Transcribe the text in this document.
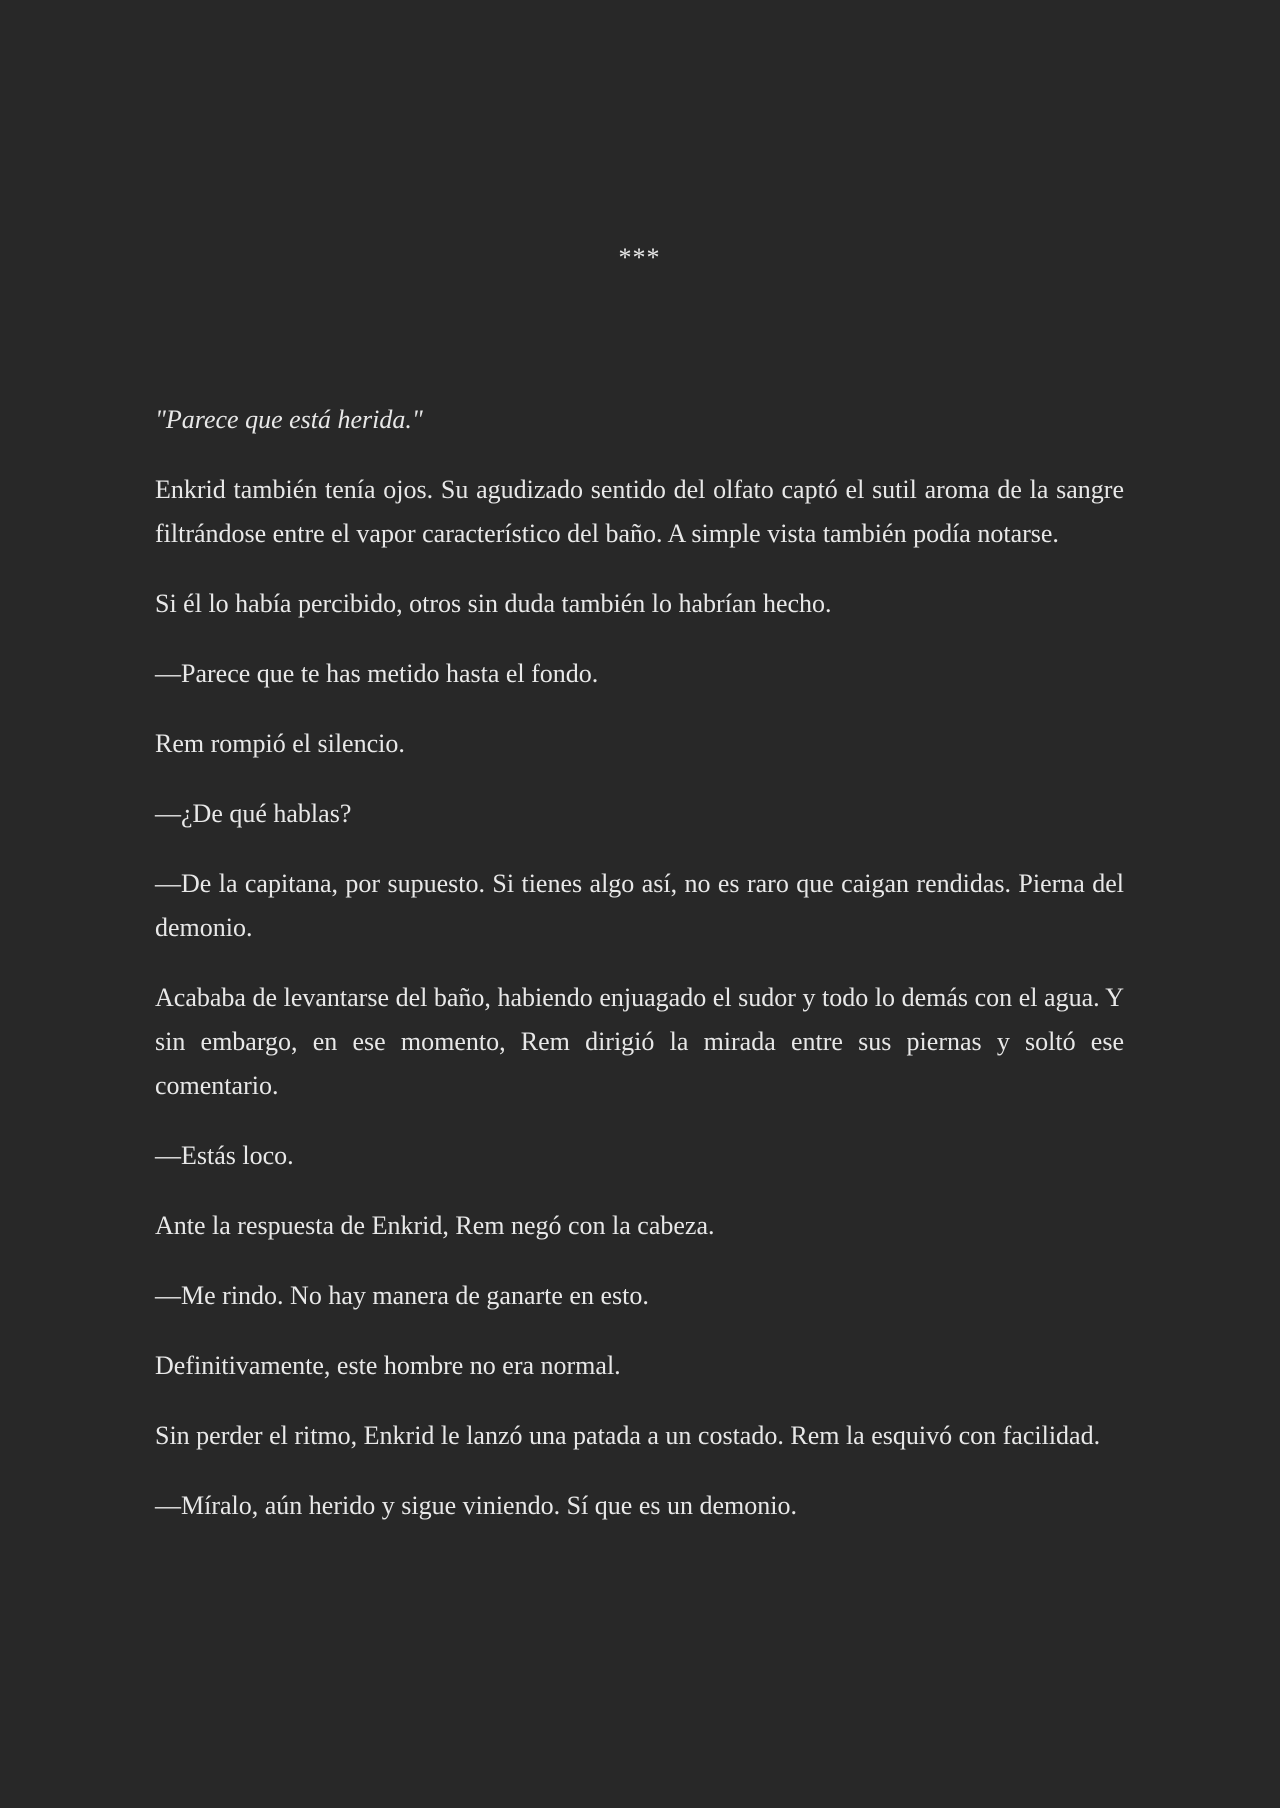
***

"Parece que está herida."

Enkrid también tenía ojos. Su agudizado sentido del olfato captó el sutil aroma de la sangre filtrándose entre el vapor característico del baño. A simple vista también podía notarse.

Si él lo había percibido, otros sin duda también lo habrían hecho.

—Parece que te has metido hasta el fondo.

Rem rompió el silencio.

—¿De qué hablas?

—De la capitana, por supuesto. Si tienes algo así, no es raro que caigan rendidas. Pierna del demonio.

Acababa de levantarse del baño, habiendo enjuagado el sudor y todo lo demás con el agua. Y sin embargo, en ese momento, Rem dirigió la mirada entre sus piernas y soltó ese comentario.

—Estás loco.

Ante la respuesta de Enkrid, Rem negó con la cabeza.

—Me rindo. No hay manera de ganarte en esto.

Definitivamente, este hombre no era normal.

Sin perder el ritmo, Enkrid le lanzó una patada a un costado. Rem la esquivó con facilidad.

—Míralo, aún herido y sigue viniendo. Sí que es un demonio.
